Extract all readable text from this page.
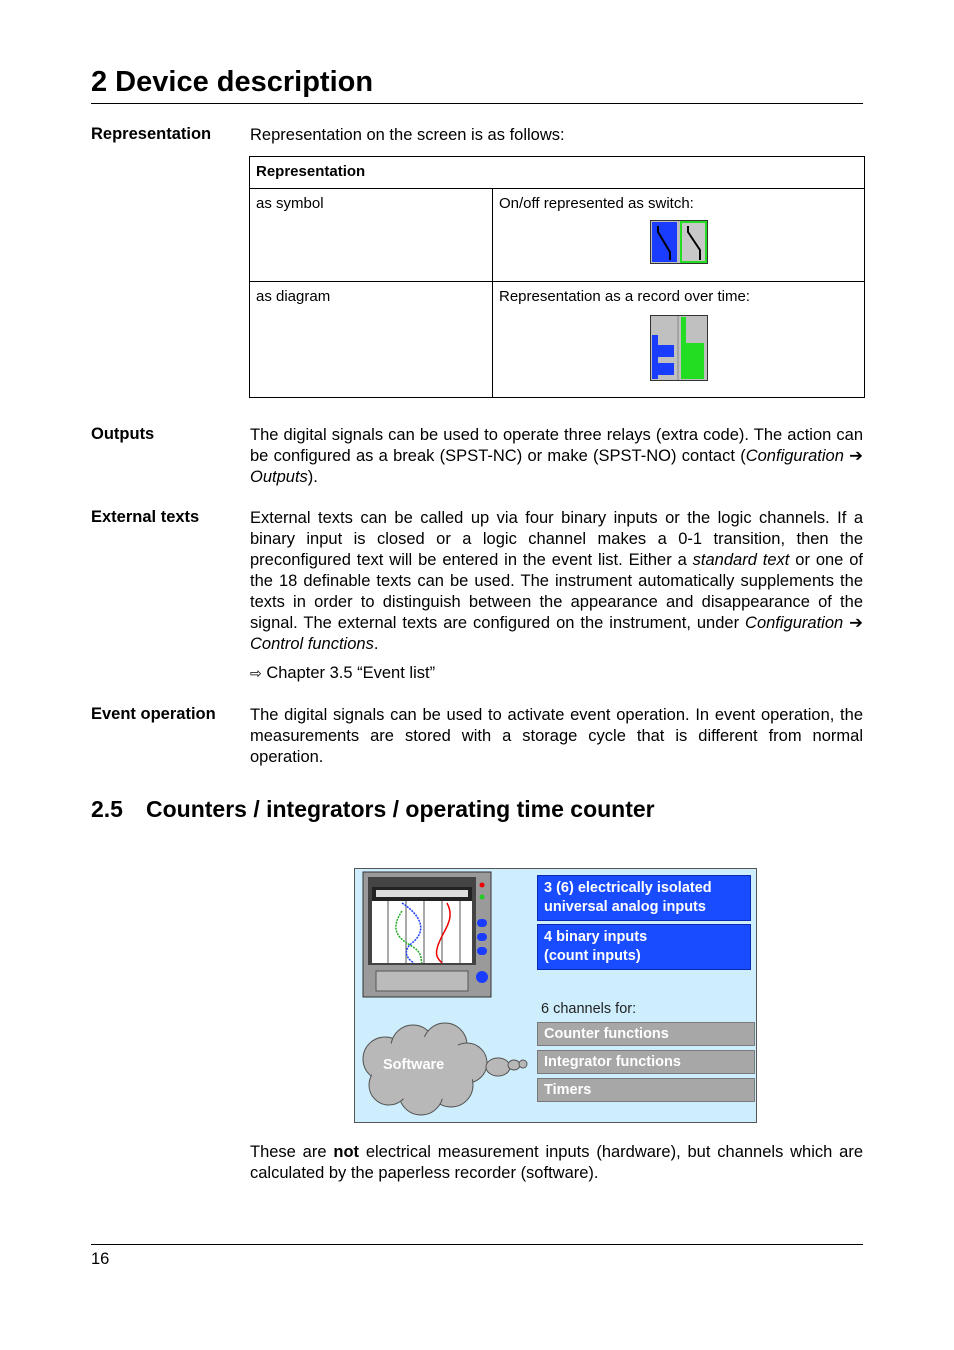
2 Device description
Representation Representation on the screen is as follows:
Representation	
as symbol	On/off represented as switch:

as diagram	Representation as a record over time:
Outputs	The digital signals can be used to operate three relays (extra code). The action can be configured as a break (SPST-NC) or make (SPST-NO) contact (Configuration ➔ Outputs).
External texts	External texts can be called up via four binary inputs or the logic channels. If a binary input is closed or a logic channel makes a 0-1 transition, then the preconfigured text will be entered in the event list. Either a standard text or one of the 18 definable texts can be used. The instrument automatically supplements the texts in order to distinguish between the appearance and disappearance of the signal. The external texts are configured on the instrument, under Configuration ➔ Control functions.
⇨ Chapter 3.5 “Event list”
Event operation The digital signals can be used to activate event operation. In event operation, the measurements are stored with a storage cycle that is different from normal operation.
2.5 Counters / integrators / operating time counter
3 (6) electrically isolated
universal analog inputs
4 binary inputs
(count inputs)
6 channels for:
Counter functions
Integrator functions
Timers
Software
These are not electrical measurement inputs (hardware), but channels which are calculated by the paperless recorder (software).
16
